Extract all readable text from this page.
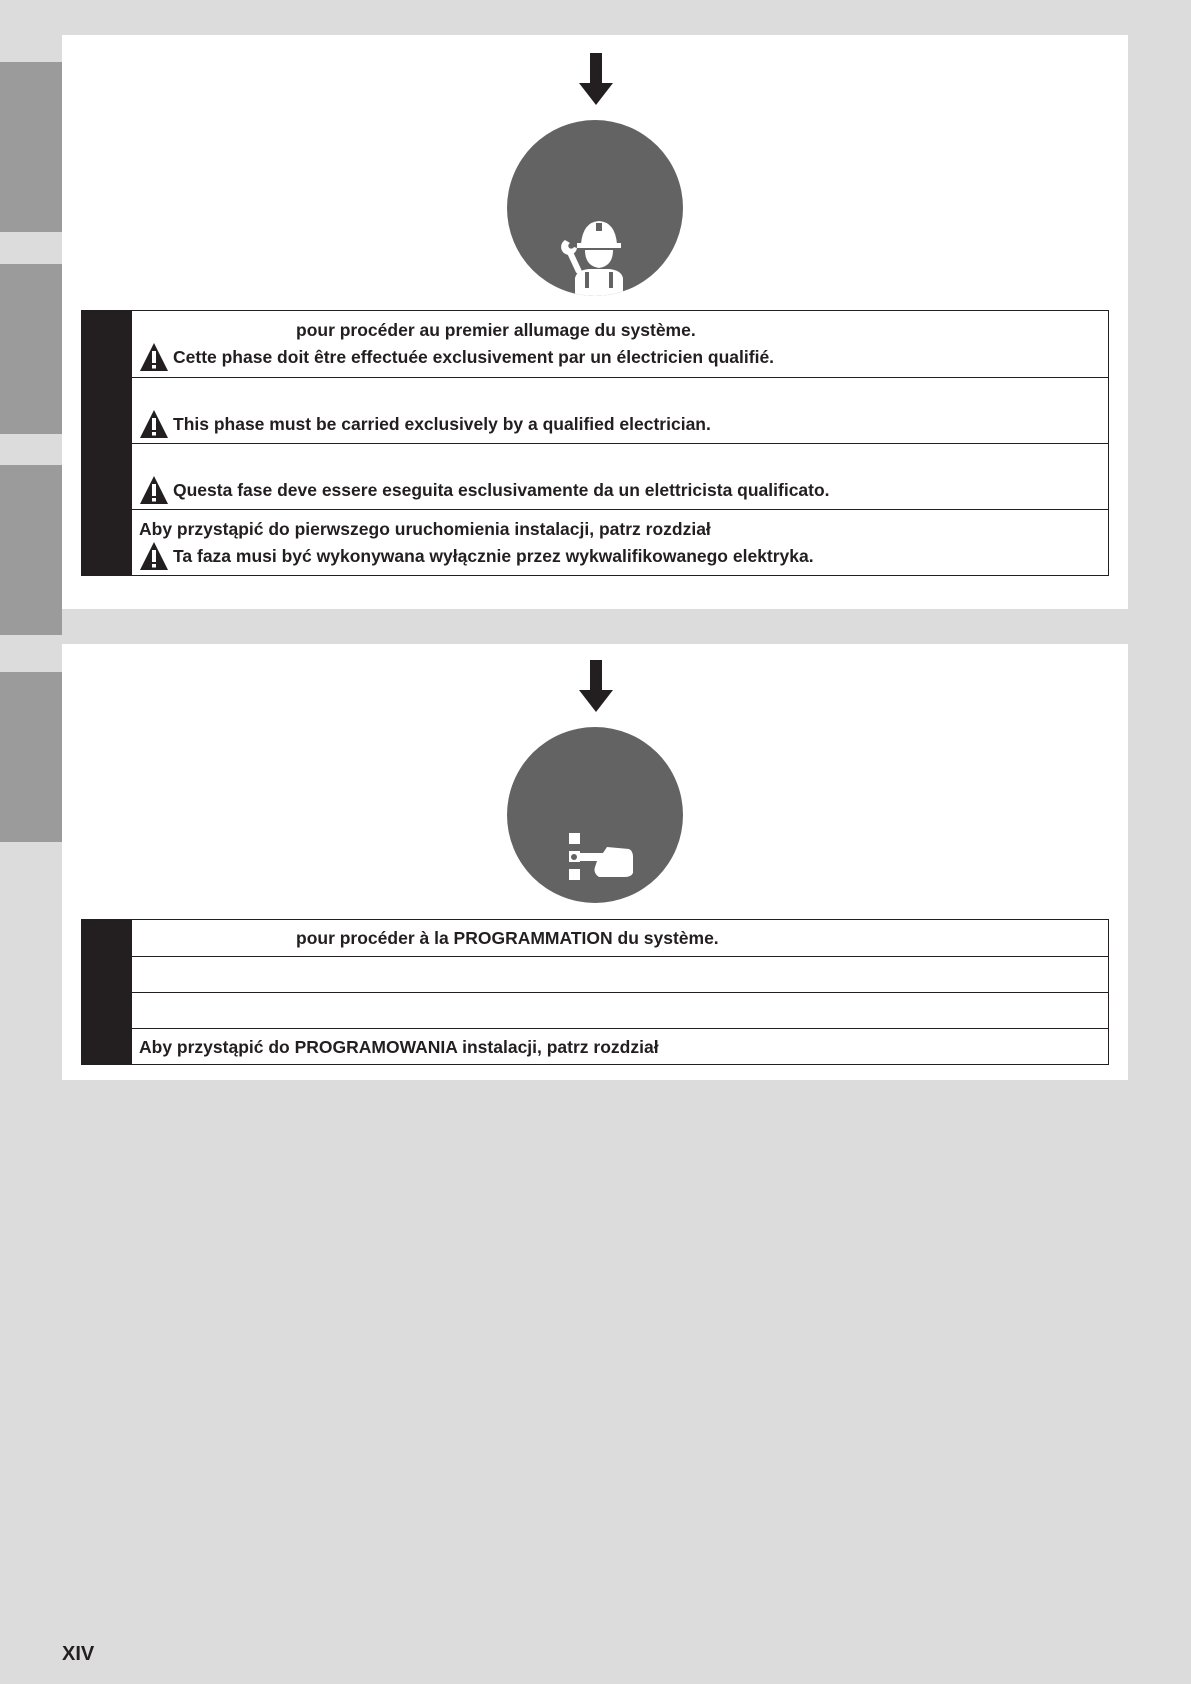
pour procéder au premier allumage du système.
Cette phase doit être effectuée exclusivement par un électricien qualifié.
This phase must be carried exclusively by a qualified electrician.
Questa fase deve essere eseguita esclusivamente da un elettricista qualificato.
Aby przystąpić do pierwszego uruchomienia instalacji, patrz rozdział
Ta faza musi być wykonywana wyłącznie przez wykwalifikowanego elektryka.
pour procéder à la PROGRAMMATION du système.
Aby przystąpić do PROGRAMOWANIA instalacji, patrz rozdział
XIV
